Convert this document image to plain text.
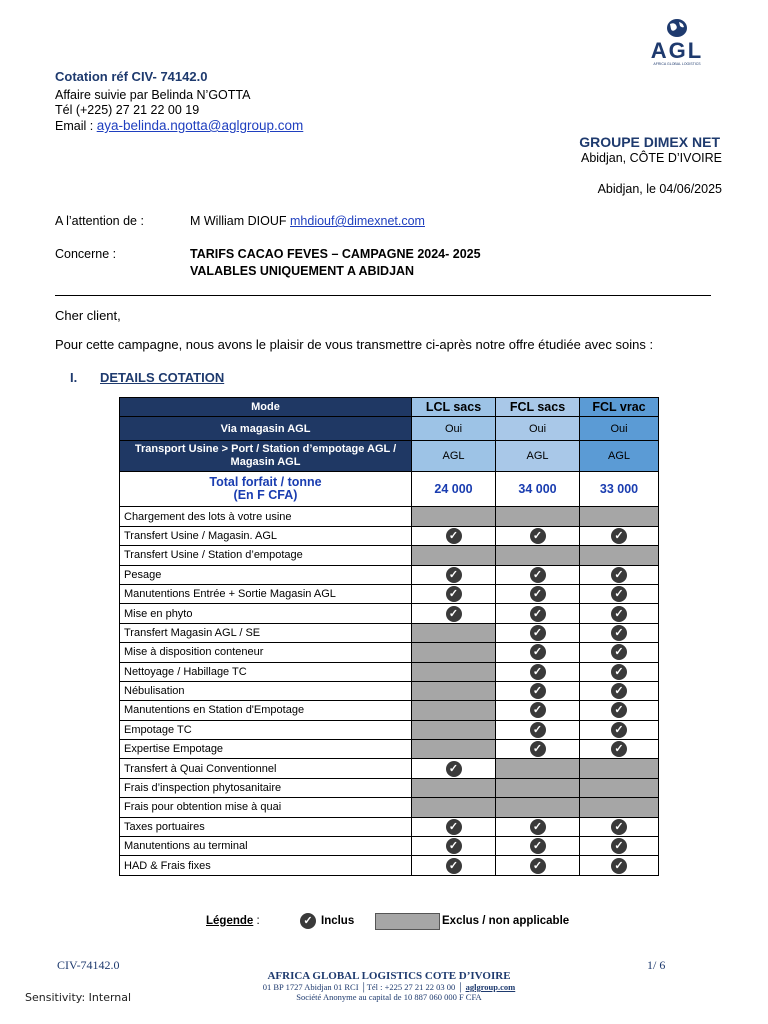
AGL
AFRICA GLOBAL LOGISTICS
Cotation réf CIV- 74142.0
Affaire suivie par Belinda N’GOTTA
Tél (+225) 27 21 22 00 19
Email : aya-belinda.ngotta@aglgroup.com
GROUPE DIMEX NET
Abidjan, CÔTE D’IVOIRE
Abidjan, le 04/06/2025
A l’attention de :	M William DIOUF mhdiouf@dimexnet.com
Concerne :	TARIFS CACAO FEVES – CAMPAGNE 2024- 2025
VALABLES UNIQUEMENT A ABIDJAN
Cher client,
Pour cette campagne, nous avons le plaisir de vous transmettre ci-après notre offre étudiée avec soins :
I. DETAILS COTATION
Mode	LCL sacs	FCL sacs	FCL vrac
Via magasin AGL	Oui	Oui	Oui
Transport Usine > Port / Station d’empotage AGL / Magasin AGL	AGL	AGL	AGL

Total forfait / tonne
(En F CFA)	24 000	34 000	33 000
Chargement des lots à votre usine			
Transfert Usine / Magasin. AGL	✓	✓	✓
Transfert Usine / Station d’empotage			
Pesage	✓	✓	✓
Manutentions Entrée + Sortie Magasin AGL	✓	✓	✓
Mise en phyto	✓	✓	✓
Transfert Magasin AGL / SE		✓	✓
Mise à disposition conteneur		✓	✓
Nettoyage / Habillage TC		✓	✓
Nébulisation		✓	✓
Manutentions en Station d'Empotage		✓	✓
Empotage TC		✓	✓
Expertise Empotage		✓	✓
Transfert à Quai Conventionnel	✓		
Frais d’inspection phytosanitaire			
Frais pour obtention mise à quai			
Taxes portuaires	✓	✓	✓
Manutentions au terminal	✓	✓	✓
HAD & Frais fixes	✓	✓	✓
Légende :	✓ Inclus	Exclus / non applicable
CIV-74142.0	1/ 6
AFRICA GLOBAL LOGISTICS COTE D’IVOIRE
01 BP 1727 Abidjan 01 RCI │Tél : +225 27 21 22 03 00 │ aglgroup.com
Société Anonyme au capital de 10 887 060 000 F CFA
Sensitivity: Internal
